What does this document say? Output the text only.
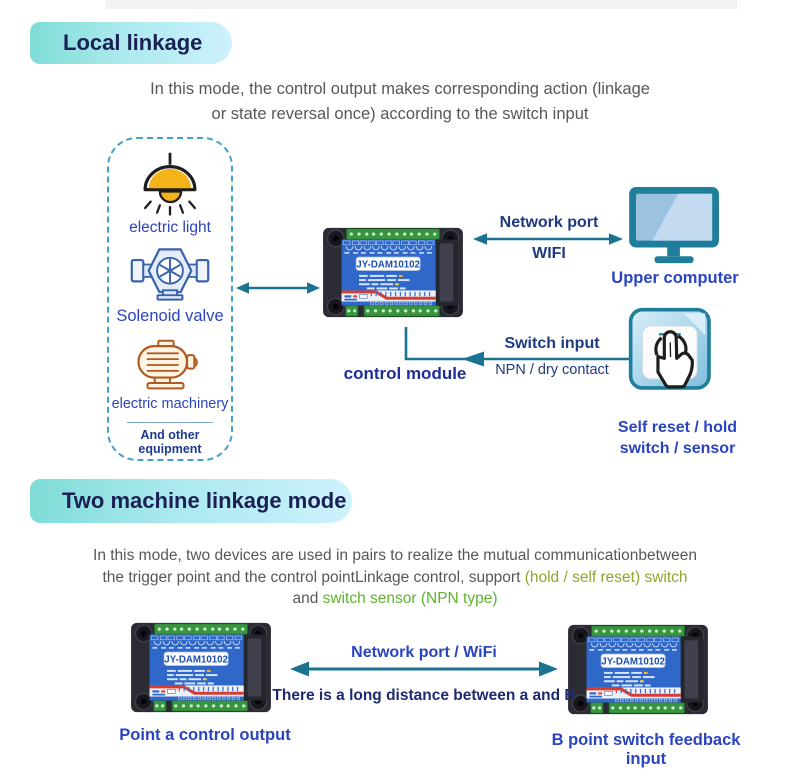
Local linkage
In this mode, the control output makes corresponding action (linkage
or state reversal once) according to the switch input
electric light
Solenoid valve
electric machinery
And other equipment
control module
Network port
WIFI
Upper computer
Switch input
NPN / dry contact
Self reset / hold
switch / sensor
Two machine linkage mode
In this mode, two devices are used in pairs to realize the mutual communicationbetween
the trigger point and the control pointLinkage control, support (hold / self reset) switch
and switch sensor (NPN type)
Network port / WiFi
There is a long distance between a and B
Point a control output	B point switch feedback input
